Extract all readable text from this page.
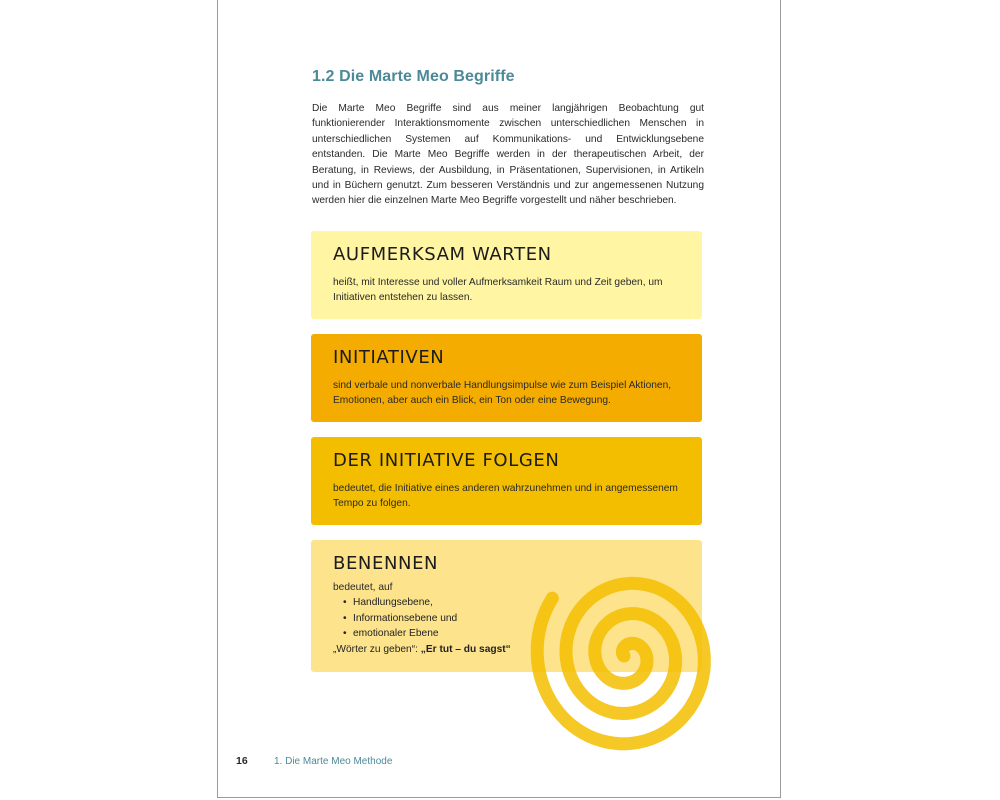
1.2 Die Marte Meo Begriffe

Die Marte Meo Begriffe sind aus meiner langjährigen Beobachtung gut funktionierender Interaktionsmomente zwischen unterschiedlichen Menschen in unterschiedlichen Systemen auf Kommunikations- und Entwicklungsebene entstanden. Die Marte Meo Begriffe werden in der therapeutischen Arbeit, der Beratung, in Reviews, der Ausbildung, in Präsentationen, Supervisionen, in Artikeln und in Büchern genutzt. Zum besseren Verständnis und zur angemessenen Nutzung werden hier die einzelnen Marte Meo Begriffe vorgestellt und näher beschrieben.

AUFMERKSAM WARTEN

heißt, mit Interesse und voller Aufmerksamkeit Raum und Zeit geben, um Initiativen entstehen zu lassen.

INITIATIVEN

sind verbale und nonverbale Handlungsimpulse wie zum Beispiel Aktionen, Emotionen, aber auch ein Blick, ein Ton oder eine Bewegung.

DER INITIATIVE FOLGEN

bedeutet, die Initiative eines anderen wahrzunehmen und in angemessenem Tempo zu folgen.

BENENNEN

bedeutet, auf

• Handlungsebene,
• Informationsebene und
• emotionaler Ebene

„Wörter zu geben“: „Er tut – du sagst“

16	1. Die Marte Meo Methode
